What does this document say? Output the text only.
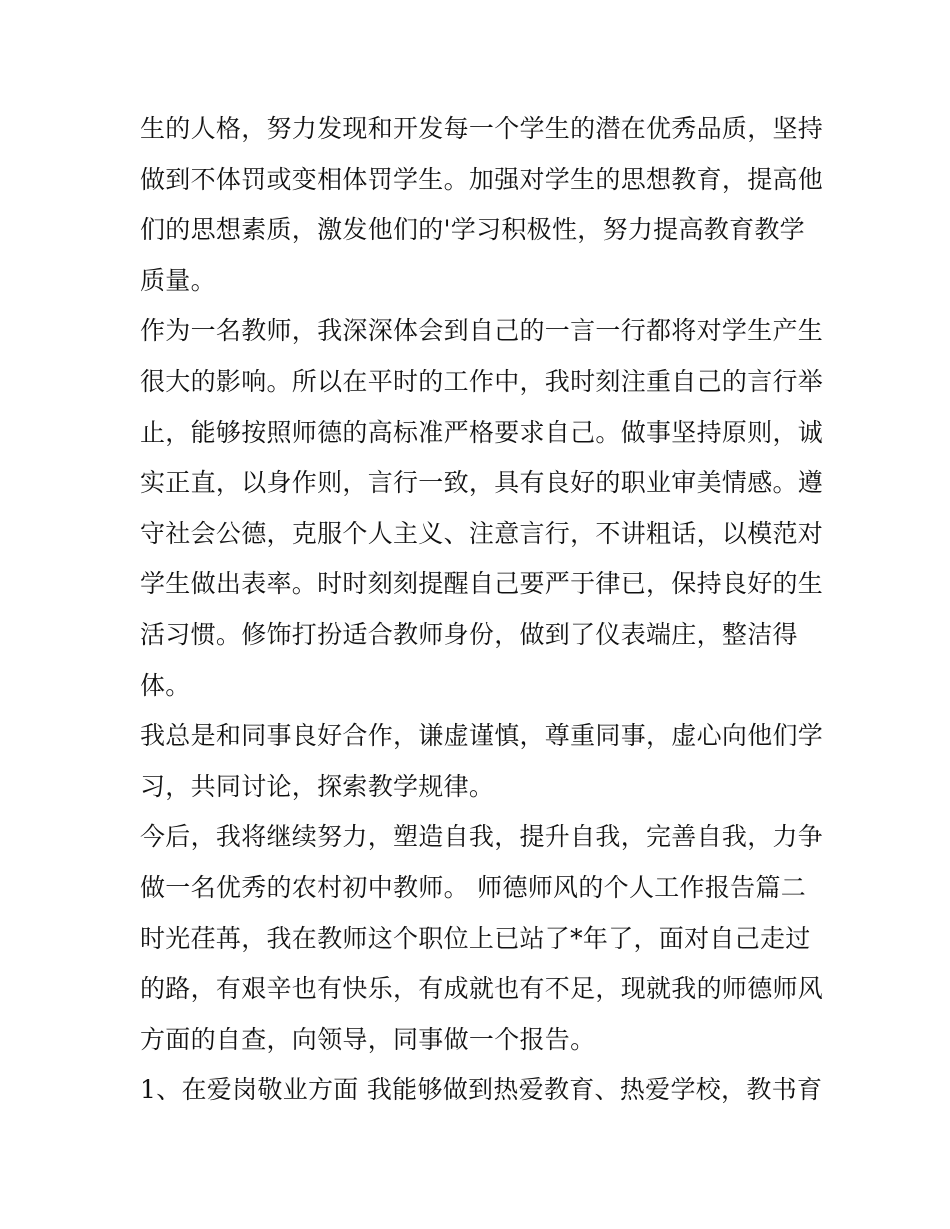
生的人格，努力发现和开发每一个学生的潜在优秀品质，坚持
做到不体罚或变相体罚学生。加强对学生的思想教育，提高他
们的思想素质，激发他们的'学习积极性，努力提高教育教学
质量。
作为一名教师，我深深体会到自己的一言一行都将对学生产生
很大的影响。所以在平时的工作中，我时刻注重自己的言行举
止，能够按照师德的高标准严格要求自己。做事坚持原则，诚
实正直，以身作则，言行一致，具有良好的职业审美情感。遵
守社会公德，克服个人主义、注意言行，不讲粗话，以模范对
学生做出表率。时时刻刻提醒自己要严于律已，保持良好的生
活习惯。修饰打扮适合教师身份，做到了仪表端庄，整洁得
体。
我总是和同事良好合作，谦虚谨慎，尊重同事，虚心向他们学
习，共同讨论，探索教学规律。
今后，我将继续努力，塑造自我，提升自我，完善自我，力争
做一名优秀的农村初中教师。 师德师风的个人工作报告篇二
时光荏苒，我在教师这个职位上已站了*年了，面对自己走过
的路，有艰辛也有快乐，有成就也有不足，现就我的师德师风
方面的自查，向领导，同事做一个报告。
1、在爱岗敬业方面 我能够做到热爱教育、热爱学校，教书育
